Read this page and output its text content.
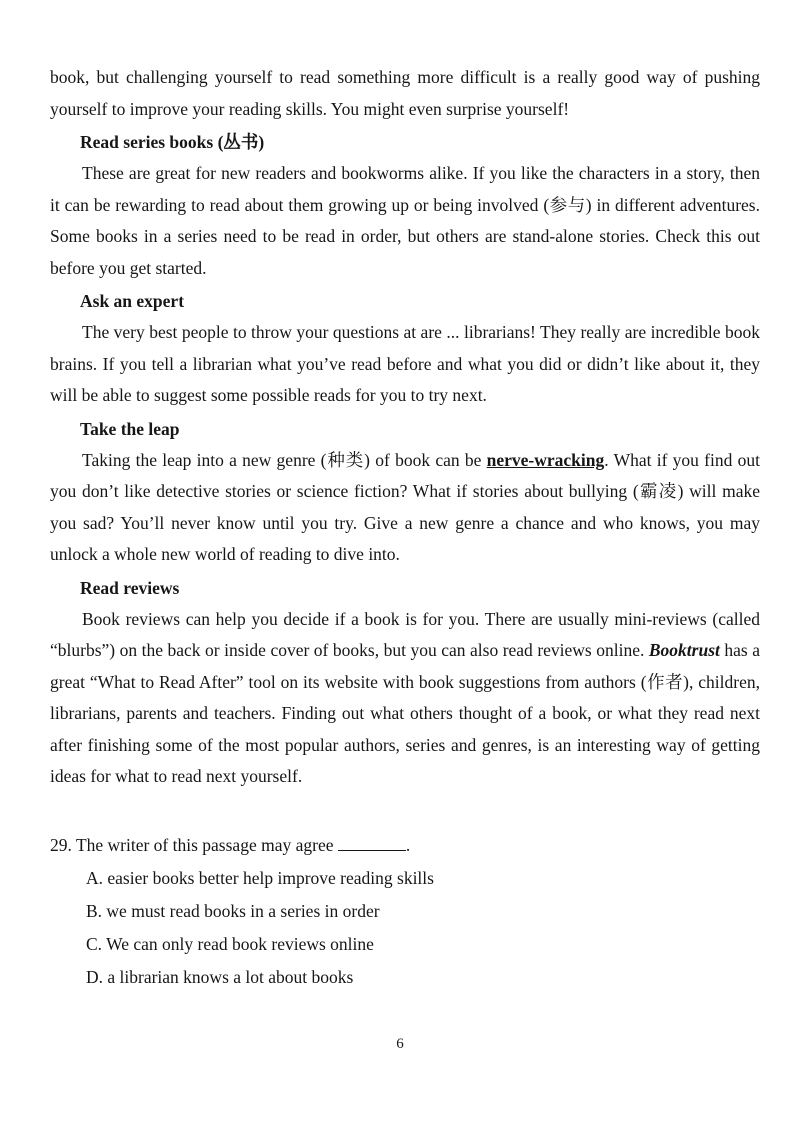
book, but challenging yourself to read something more difficult is a really good way of pushing yourself to improve your reading skills. You might even surprise yourself!

Read series books (丛书)

These are great for new readers and bookworms alike. If you like the characters in a story, then it can be rewarding to read about them growing up or being involved (参与) in different adventures. Some books in a series need to be read in order, but others are stand-alone stories. Check this out before you get started.

Ask an expert

The very best people to throw your questions at are ... librarians! They really are incredible book brains. If you tell a librarian what you’ve read before and what you did or didn’t like about it, they will be able to suggest some possible reads for you to try next.

Take the leap

Taking the leap into a new genre (种类) of book can be nerve-wracking. What if you find out you don’t like detective stories or science fiction? What if stories about bullying (霸凌) will make you sad? You’ll never know until you try. Give a new genre a chance and who knows, you may unlock a whole new world of reading to dive into.

Read reviews

Book reviews can help you decide if a book is for you. There are usually mini-reviews (called “blurbs”) on the back or inside cover of books, but you can also read reviews online. Booktrust has a great “What to Read After” tool on its website with book suggestions from authors (作者), children, librarians, parents and teachers. Finding out what others thought of a book, or what they read next after finishing some of the most popular authors, series and genres, is an interesting way of getting ideas for what to read next yourself.

29. The writer of this passage may agree	.
A. easier books better help improve reading skills
B. we must read books in a series in order
C. We can only read book reviews online
D. a librarian knows a lot about books
6
